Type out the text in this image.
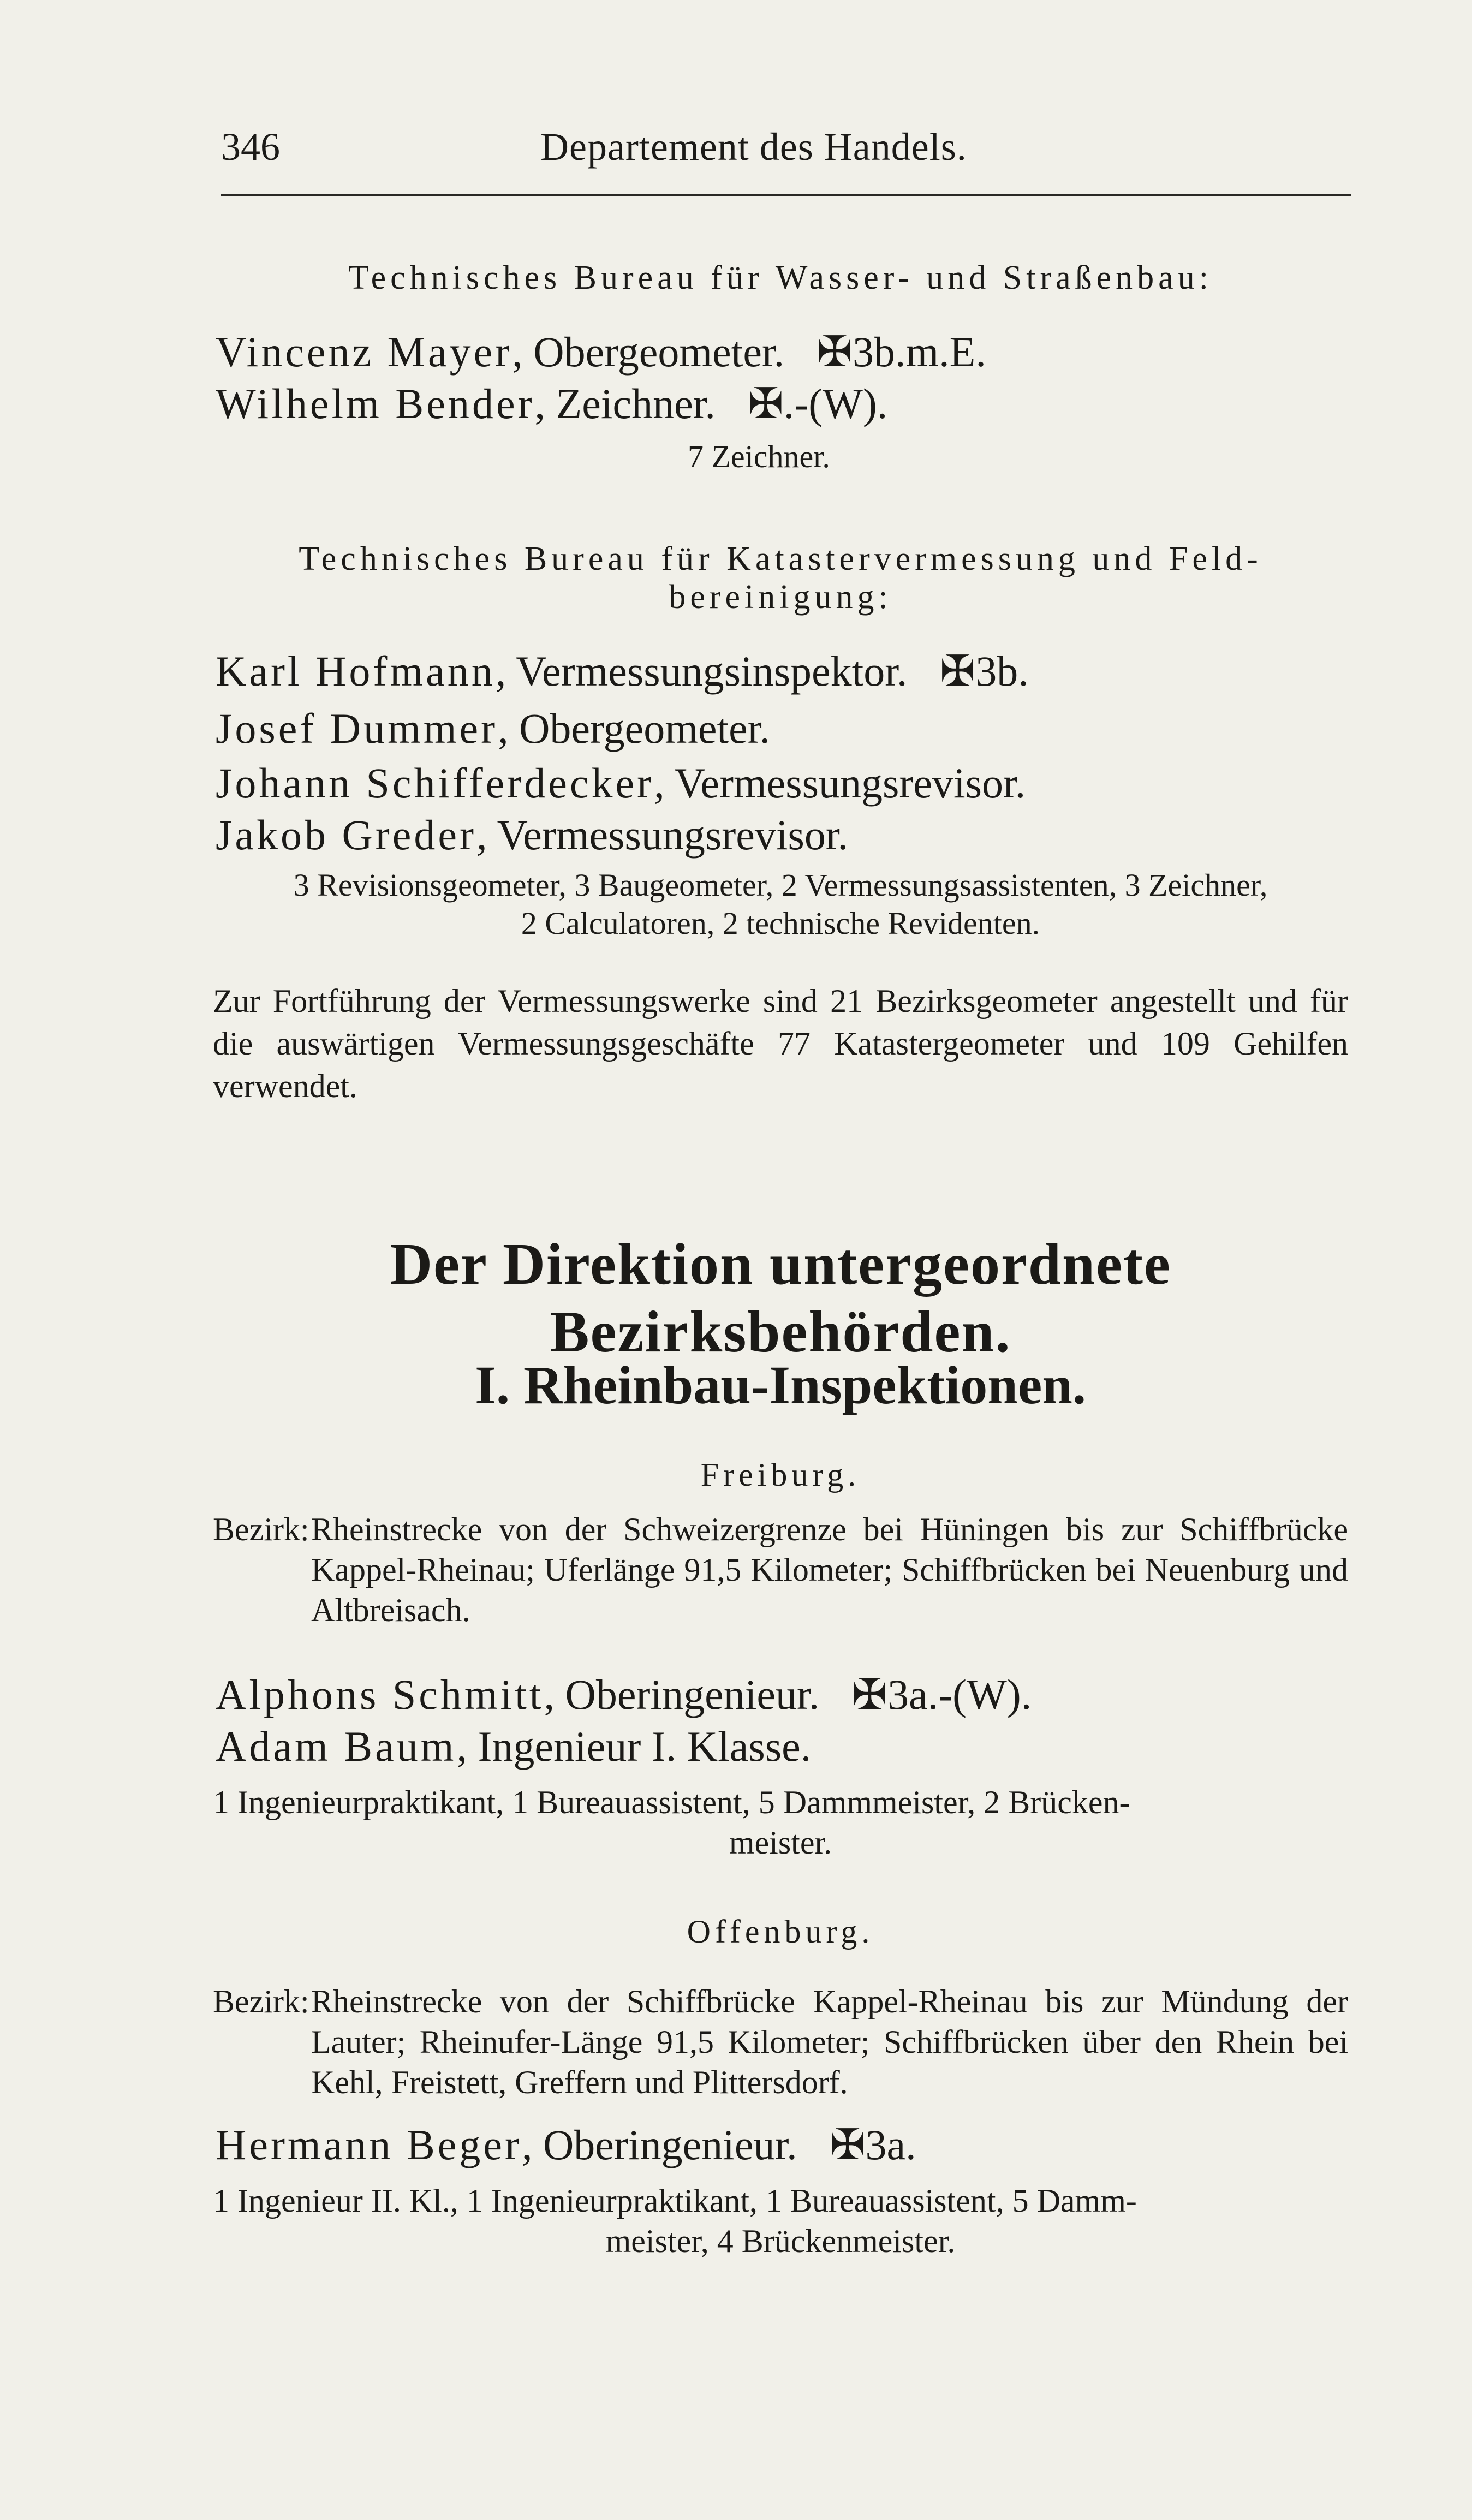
346	Departement des Handels.
Technisches Bureau für Wasser- und Straßenbau:
Vincenz Mayer, Obergeometer. ✠3b.m.E.
Wilhelm Bender, Zeichner. ✠.-(W).
7 Zeichner.
Technisches Bureau für Katastervermessung und Feld-
bereinigung:
Karl Hofmann, Vermessungsinspektor. ✠3b.
Josef Dummer, Obergeometer.
Johann Schifferdecker, Vermessungsrevisor.
Jakob Greder, Vermessungsrevisor.
3 Revisionsgeometer, 3 Baugeometer, 2 Vermessungsassistenten, 3 Zeichner,
2 Calculatoren, 2 technische Revidenten.
Zur Fortführung der Vermessungswerke sind 21 Bezirksgeometer angestellt und für die auswärtigen Vermessungsgeschäfte 77 Katastergeometer und 109 Gehilfen verwendet.
Der Direktion untergeordnete Bezirksbehörden.
I. Rheinbau-Inspektionen.
Freiburg.
Bezirk: Rheinstrecke von der Schweizergrenze bei Hüningen bis zur Schiffbrücke Kappel-Rheinau; Uferlänge 91,5 Kilometer; Schiffbrücken bei Neuenburg und Altbreisach.
Alphons Schmitt, Oberingenieur. ✠3a.-(W).
Adam Baum, Ingenieur I. Klasse.
1 Ingenieurpraktikant, 1 Bureauassistent, 5 Dammmeister, 2 Brücken-
meister.
Offenburg.
Bezirk: Rheinstrecke von der Schiffbrücke Kappel-Rheinau bis zur Mündung der Lauter; Rheinufer-Länge 91,5 Kilometer; Schiffbrücken über den Rhein bei Kehl, Freistett, Greffern und Plittersdorf.
Hermann Beger, Oberingenieur. ✠3a.
1 Ingenieur II. Kl., 1 Ingenieurpraktikant, 1 Bureauassistent, 5 Damm-
meister, 4 Brückenmeister.
